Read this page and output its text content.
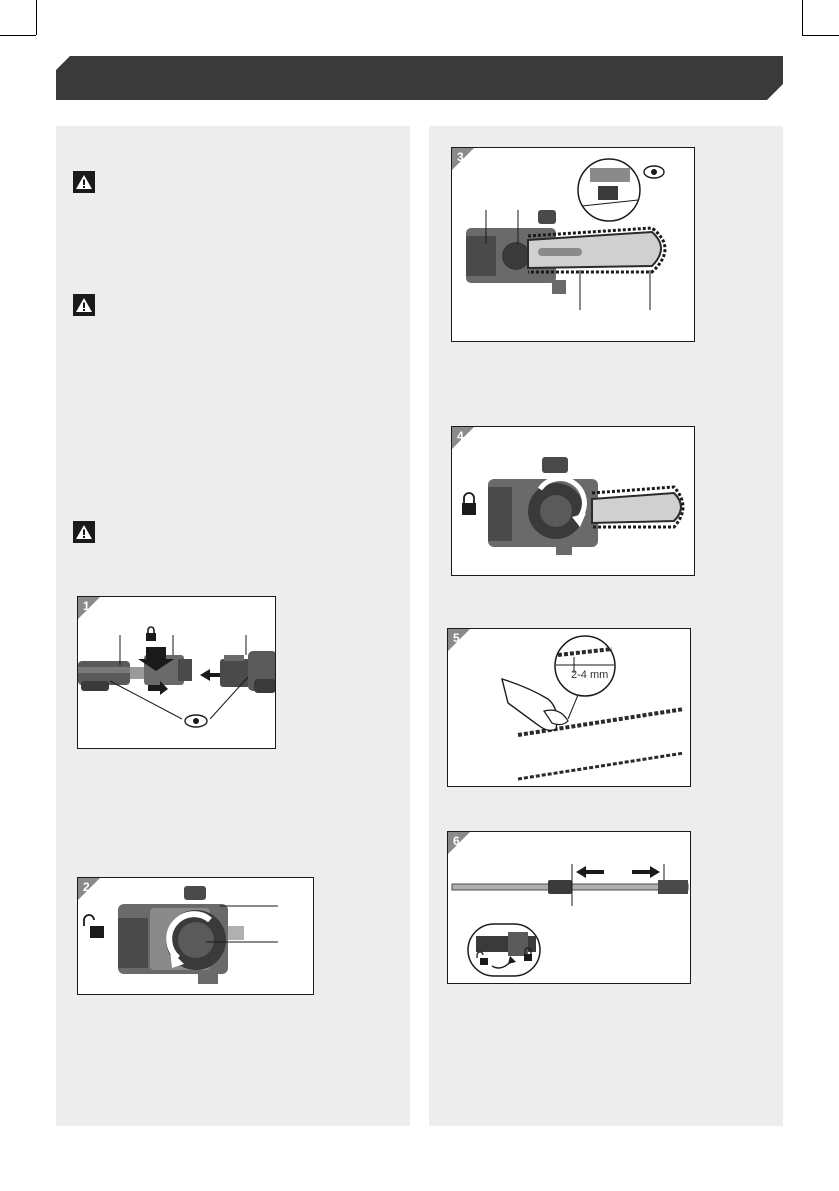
1
2
3
4
5
2-4 mm
6
